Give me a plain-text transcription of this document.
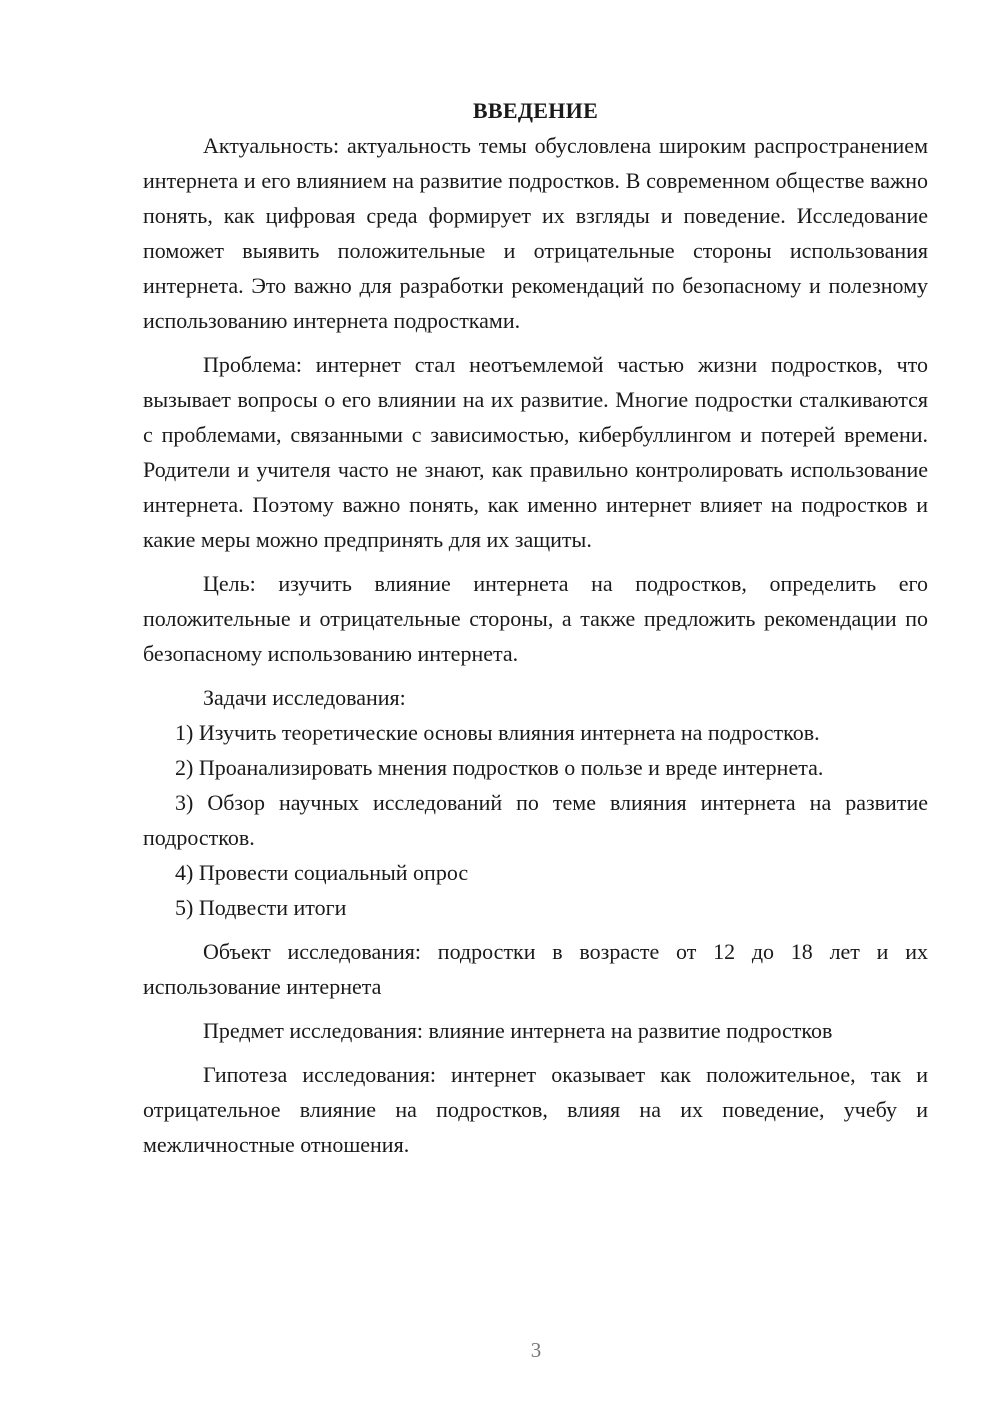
ВВЕДЕНИЕ

Актуальность: актуальность темы обусловлена широким распространением интернета и его влиянием на развитие подростков. В современном обществе важно понять, как цифровая среда формирует их взгляды и поведение. Исследование поможет выявить положительные и отрицательные стороны использования интернета. Это важно для разработки рекомендаций по безопасному и полезному использованию интернета подростками.

Проблема: интернет стал неотъемлемой частью жизни подростков, что вызывает вопросы о его влиянии на их развитие. Многие подростки сталкиваются с проблемами, связанными с зависимостью, кибербуллингом и потерей времени. Родители и учителя часто не знают, как правильно контролировать использование интернета. Поэтому важно понять, как именно интернет влияет на подростков и какие меры можно предпринять для их защиты.

Цель: изучить влияние интернета на подростков, определить его положительные и отрицательные стороны, а также предложить рекомендации по безопасному использованию интернета.

Задачи исследования:

1) Изучить теоретические основы влияния интернета на подростков.

2) Проанализировать мнения подростков о пользе и вреде интернета.

3) Обзор научных исследований по теме влияния интернета на развитие подростков.

4) Провести социальный опрос

5) Подвести итоги

Объект исследования: подростки в возрасте от 12 до 18 лет и их использование интернета

Предмет исследования: влияние интернета на развитие подростков

Гипотеза исследования: интернет оказывает как положительное, так и отрицательное влияние на подростков, влияя на их поведение, учебу и межличностные отношения.

3
